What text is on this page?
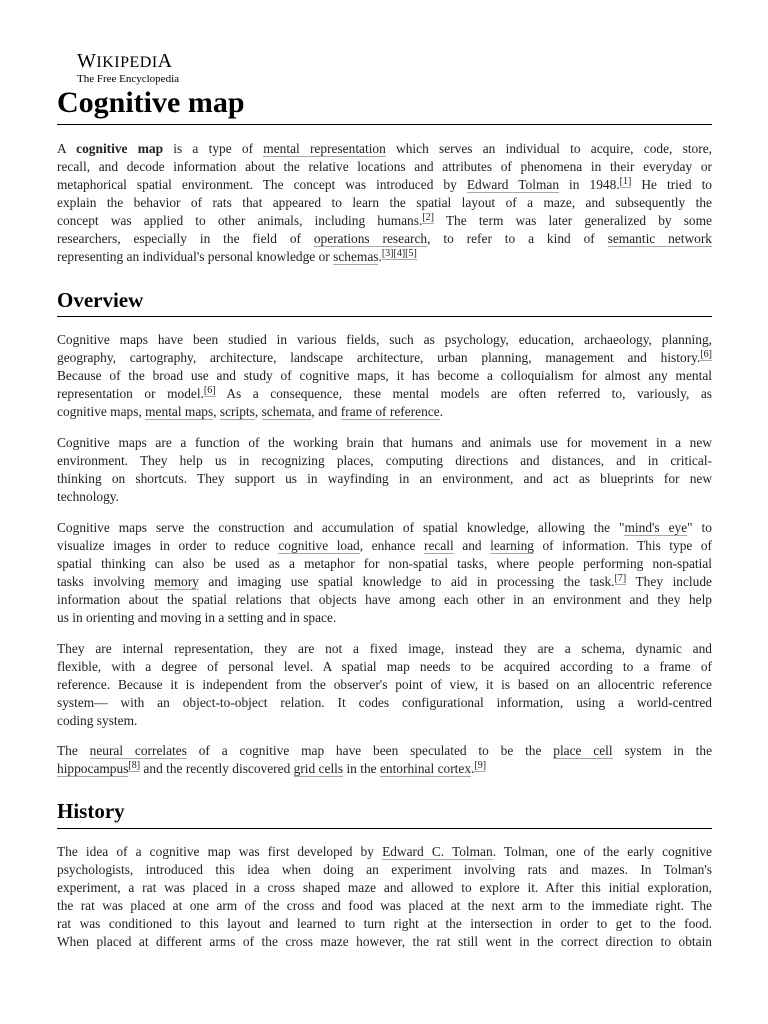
WIKIPEDIA
The Free Encyclopedia
Cognitive map
A cognitive map is a type of mental representation which serves an individual to acquire, code, store,
recall, and decode information about the relative locations and attributes of phenomena in their everyday or
metaphorical spatial environment. The concept was introduced by Edward Tolman in 1948.[1] He tried to
explain the behavior of rats that appeared to learn the spatial layout of a maze, and subsequently the
concept was applied to other animals, including humans.[2] The term was later generalized by some
researchers, especially in the field of operations research, to refer to a kind of semantic network
representing an individual's personal knowledge or schemas.[3][4][5]
Overview
Cognitive maps have been studied in various fields, such as psychology, education, archaeology, planning,
geography, cartography, architecture, landscape architecture, urban planning, management and history.[6]
Because of the broad use and study of cognitive maps, it has become a colloquialism for almost any mental
representation or model.[6] As a consequence, these mental models are often referred to, variously, as
cognitive maps, mental maps, scripts, schemata, and frame of reference.
Cognitive maps are a function of the working brain that humans and animals use for movement in a new
environment. They help us in recognizing places, computing directions and distances, and in critical-
thinking on shortcuts. They support us in wayfinding in an environment, and act as blueprints for new
technology.
Cognitive maps serve the construction and accumulation of spatial knowledge, allowing the "mind's eye" to
visualize images in order to reduce cognitive load, enhance recall and learning of information. This type of
spatial thinking can also be used as a metaphor for non-spatial tasks, where people performing non-spatial
tasks involving memory and imaging use spatial knowledge to aid in processing the task.[7] They include
information about the spatial relations that objects have among each other in an environment and they help
us in orienting and moving in a setting and in space.
They are internal representation, they are not a fixed image, instead they are a schema, dynamic and
flexible, with a degree of personal level. A spatial map needs to be acquired according to a frame of
reference. Because it is independent from the observer's point of view, it is based on an allocentric reference
system— with an object-to-object relation. It codes configurational information, using a world-centred
coding system.
The neural correlates of a cognitive map have been speculated to be the place cell system in the
hippocampus[8] and the recently discovered grid cells in the entorhinal cortex.[9]
History
The idea of a cognitive map was first developed by Edward C. Tolman. Tolman, one of the early cognitive
psychologists, introduced this idea when doing an experiment involving rats and mazes. In Tolman's
experiment, a rat was placed in a cross shaped maze and allowed to explore it. After this initial exploration,
the rat was placed at one arm of the cross and food was placed at the next arm to the immediate right. The
rat was conditioned to this layout and learned to turn right at the intersection in order to get to the food.
When placed at different arms of the cross maze however, the rat still went in the correct direction to obtain
